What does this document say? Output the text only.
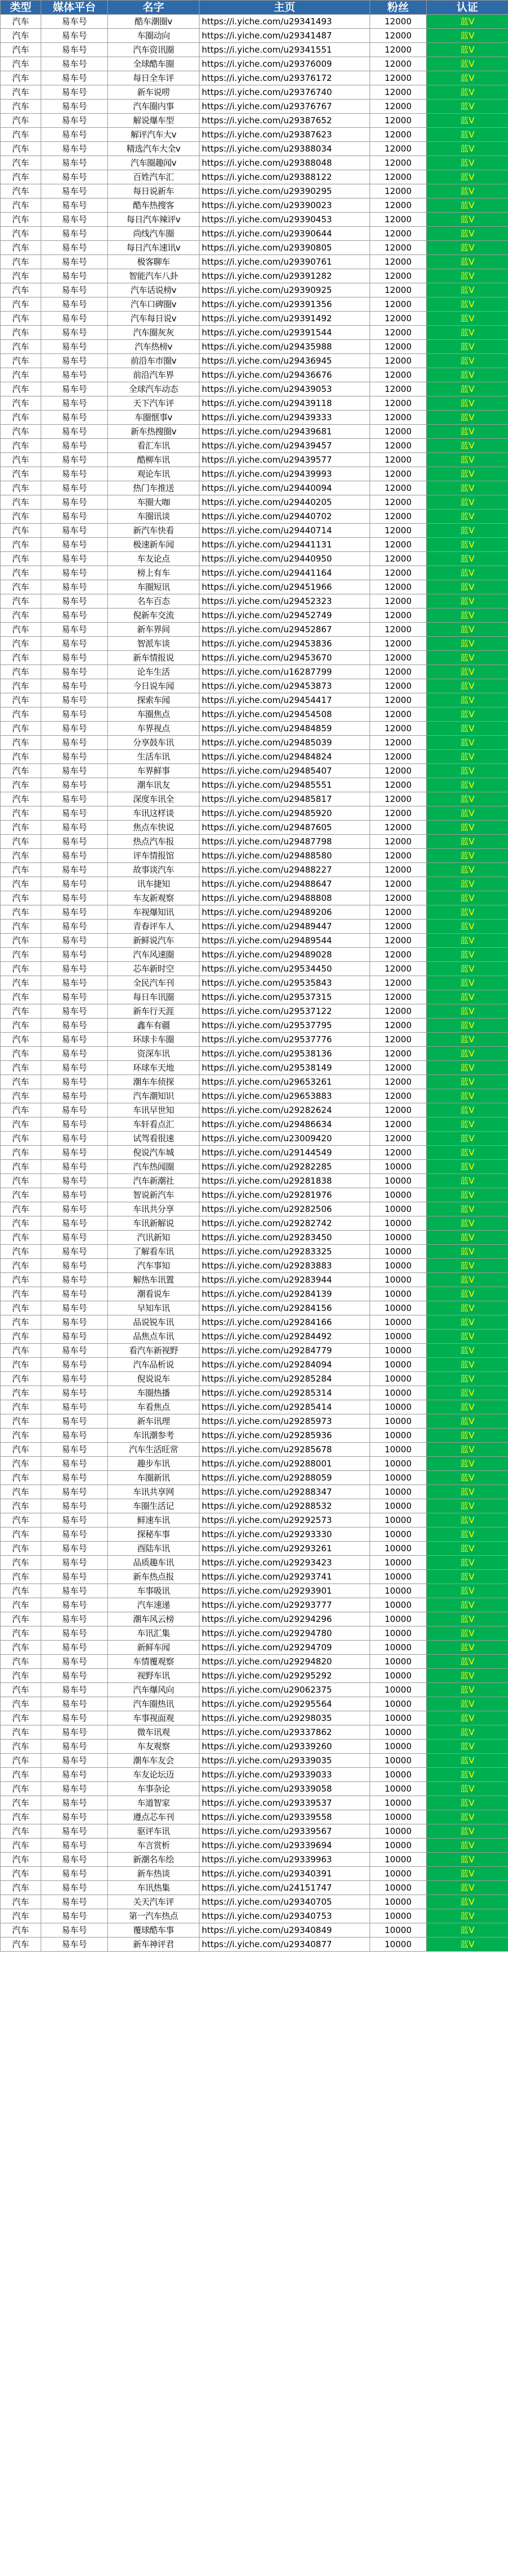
类型	媒体平台	名字	主页	粉丝	认证
汽车	易车号	酷车潮圈v	https://i.yiche.com/u29341493	12000	蓝V
汽车	易车号	车圈动向	https://i.yiche.com/u29341487	12000	蓝V
汽车	易车号	汽车资讯圈	https://i.yiche.com/u29341551	12000	蓝V
汽车	易车号	全球酷车圈	https://i.yiche.com/u29376009	12000	蓝V
汽车	易车号	每日全车评	https://i.yiche.com/u29376172	12000	蓝V
汽车	易车号	新车说唠	https://i.yiche.com/u29376740	12000	蓝V
汽车	易车号	汽车圈内事	https://i.yiche.com/u29376767	12000	蓝V
汽车	易车号	解说爆车型	https://i.yiche.com/u29387652	12000	蓝V
汽车	易车号	解评汽车大v	https://i.yiche.com/u29387623	12000	蓝V
汽车	易车号	精选汽车大全v	https://i.yiche.com/u29388034	12000	蓝V
汽车	易车号	汽车圈趣闻v	https://i.yiche.com/u29388048	12000	蓝V
汽车	易车号	百姓汽车汇	https://i.yiche.com/u29388122	12000	蓝V
汽车	易车号	每日说新车	https://i.yiche.com/u29390295	12000	蓝V
汽车	易车号	酷车热搜客	https://i.yiche.com/u29390023	12000	蓝V
汽车	易车号	每日汽车辣评v	https://i.yiche.com/u29390453	12000	蓝V
汽车	易车号	尚线汽车圈	https://i.yiche.com/u29390644	12000	蓝V
汽车	易车号	每日汽车速讯v	https://i.yiche.com/u29390805	12000	蓝V
汽车	易车号	极客聊车	https://i.yiche.com/u29390761	12000	蓝V
汽车	易车号	智能汽车八卦	https://i.yiche.com/u29391282	12000	蓝V
汽车	易车号	汽车话说榜v	https://i.yiche.com/u29390925	12000	蓝V
汽车	易车号	汽车口碑圈v	https://i.yiche.com/u29391356	12000	蓝V
汽车	易车号	汽车每日说v	https://i.yiche.com/u29391492	12000	蓝V
汽车	易车号	汽车圈灰灰	https://i.yiche.com/u29391544	12000	蓝V
汽车	易车号	汽车热榜v	https://i.yiche.com/u29435988	12000	蓝V
汽车	易车号	前沿车市圈v	https://i.yiche.com/u29436945	12000	蓝V
汽车	易车号	前沿汽车界	https://i.yiche.com/u29436676	12000	蓝V
汽车	易车号	全球汽车动态	https://i.yiche.com/u29439053	12000	蓝V
汽车	易车号	天下汽车评	https://i.yiche.com/u29439118	12000	蓝V
汽车	易车号	车圈惬事v	https://i.yiche.com/u29439333	12000	蓝V
汽车	易车号	新车热搜圈v	https://i.yiche.com/u29439681	12000	蓝V
汽车	易车号	看汇车讯	https://i.yiche.com/u29439457	12000	蓝V
汽车	易车号	酷柳车讯	https://i.yiche.com/u29439577	12000	蓝V
汽车	易车号	观论车讯	https://i.yiche.com/u29439993	12000	蓝V
汽车	易车号	热门车推送	https://i.yiche.com/u29440094	12000	蓝V
汽车	易车号	车圈大咖	https://i.yiche.com/u29440205	12000	蓝V
汽车	易车号	车圈讯谈	https://i.yiche.com/u29440702	12000	蓝V
汽车	易车号	新汽车快看	https://i.yiche.com/u29440714	12000	蓝V
汽车	易车号	极速新车闻	https://i.yiche.com/u29441131	12000	蓝V
汽车	易车号	车友论点	https://i.yiche.com/u29440950	12000	蓝V
汽车	易车号	榜上有车	https://i.yiche.com/u29441164	12000	蓝V
汽车	易车号	车圈短讯	https://i.yiche.com/u29451966	12000	蓝V
汽车	易车号	名车百态	https://i.yiche.com/u29452323	12000	蓝V
汽车	易车号	倪新车交流	https://i.yiche.com/u29452749	12000	蓝V
汽车	易车号	新车界间	https://i.yiche.com/u29452867	12000	蓝V
汽车	易车号	智派车谈	https://i.yiche.com/u29453836	12000	蓝V
汽车	易车号	新车情报说	https://i.yiche.com/u29453670	12000	蓝V
汽车	易车号	论车生活	https://i.yiche.com/u16287799	12000	蓝V
汽车	易车号	今日说车闻	https://i.yiche.com/u29453873	12000	蓝V
汽车	易车号	探索车闻	https://i.yiche.com/u29454417	12000	蓝V
汽车	易车号	车圈焦点	https://i.yiche.com/u29454508	12000	蓝V
汽车	易车号	车界视点	https://i.yiche.com/u29484859	12000	蓝V
汽车	易车号	分享鼓车讯	https://i.yiche.com/u29485039	12000	蓝V
汽车	易车号	生活车讯	https://i.yiche.com/u29484824	12000	蓝V
汽车	易车号	车界鲜事	https://i.yiche.com/u29485407	12000	蓝V
汽车	易车号	潮车讯友	https://i.yiche.com/u29485551	12000	蓝V
汽车	易车号	深度车讯全	https://i.yiche.com/u29485817	12000	蓝V
汽车	易车号	车讯这样谈	https://i.yiche.com/u29485920	12000	蓝V
汽车	易车号	焦点车快说	https://i.yiche.com/u29487605	12000	蓝V
汽车	易车号	热点汽车报	https://i.yiche.com/u29487798	12000	蓝V
汽车	易车号	评车情报馆	https://i.yiche.com/u29488580	12000	蓝V
汽车	易车号	故事谈汽车	https://i.yiche.com/u29488227	12000	蓝V
汽车	易车号	讯车捷知	https://i.yiche.com/u29488647	12000	蓝V
汽车	易车号	车友新观察	https://i.yiche.com/u29488808	12000	蓝V
汽车	易车号	车视爆知讯	https://i.yiche.com/u29489206	12000	蓝V
汽车	易车号	青春评车人	https://i.yiche.com/u29489447	12000	蓝V
汽车	易车号	新鲜说汽车	https://i.yiche.com/u29489544	12000	蓝V
汽车	易车号	汽车风速圈	https://i.yiche.com/u29489028	12000	蓝V
汽车	易车号	芯车新时空	https://i.yiche.com/u29534450	12000	蓝V
汽车	易车号	全民汽车刊	https://i.yiche.com/u29535843	12000	蓝V
汽车	易车号	每日车讯圈	https://i.yiche.com/u29537315	12000	蓝V
汽车	易车号	新车行天涯	https://i.yiche.com/u29537122	12000	蓝V
汽车	易车号	鑫车有疆	https://i.yiche.com/u29537795	12000	蓝V
汽车	易车号	环球卡车圈	https://i.yiche.com/u29537776	12000	蓝V
汽车	易车号	资深车讯	https://i.yiche.com/u29538136	12000	蓝V
汽车	易车号	环球车天地	https://i.yiche.com/u29538149	12000	蓝V
汽车	易车号	潮车车侦探	https://i.yiche.com/u29653261	12000	蓝V
汽车	易车号	汽车潮知识	https://i.yiche.com/u29653883	12000	蓝V
汽车	易车号	车讯早世知	https://i.yiche.com/u29282624	12000	蓝V
汽车	易车号	车轩看点汇	https://i.yiche.com/u29486634	12000	蓝V
汽车	易车号	试驾看很速	https://i.yiche.com/u23009420	12000	蓝V
汽车	易车号	倪说汽车城	https://i.yiche.com/u29144549	12000	蓝V
汽车	易车号	汽车热闻圈	https://i.yiche.com/u29282285	10000	蓝V
汽车	易车号	汽车新潮社	https://i.yiche.com/u29281838	10000	蓝V
汽车	易车号	智说新汽车	https://i.yiche.com/u29281976	10000	蓝V
汽车	易车号	车讯共分享	https://i.yiche.com/u29282506	10000	蓝V
汽车	易车号	车讯新解说	https://i.yiche.com/u29282742	10000	蓝V
汽车	易车号	汽讯新知	https://i.yiche.com/u29283450	10000	蓝V
汽车	易车号	了解看车讯	https://i.yiche.com/u29283325	10000	蓝V
汽车	易车号	汽车事知	https://i.yiche.com/u29283883	10000	蓝V
汽车	易车号	解热车讯置	https://i.yiche.com/u29283944	10000	蓝V
汽车	易车号	潮看说车	https://i.yiche.com/u29284139	10000	蓝V
汽车	易车号	早知车讯	https://i.yiche.com/u29284156	10000	蓝V
汽车	易车号	品说锐车讯	https://i.yiche.com/u29284166	10000	蓝V
汽车	易车号	品焦点车讯	https://i.yiche.com/u29284492	10000	蓝V
汽车	易车号	看汽车新视野	https://i.yiche.com/u29284779	10000	蓝V
汽车	易车号	汽车品析说	https://i.yiche.com/u29284094	10000	蓝V
汽车	易车号	倪说说车	https://i.yiche.com/u29285284	10000	蓝V
汽车	易车号	车圈热播	https://i.yiche.com/u29285314	10000	蓝V
汽车	易车号	车看焦点	https://i.yiche.com/u29285414	10000	蓝V
汽车	易车号	新车讯理	https://i.yiche.com/u29285973	10000	蓝V
汽车	易车号	车讯潮参考	https://i.yiche.com/u29285936	10000	蓝V
汽车	易车号	汽车生活旺常	https://i.yiche.com/u29285678	10000	蓝V
汽车	易车号	趣步车讯	https://i.yiche.com/u29288001	10000	蓝V
汽车	易车号	车圈新讯	https://i.yiche.com/u29288059	10000	蓝V
汽车	易车号	车讯共享网	https://i.yiche.com/u29288347	10000	蓝V
汽车	易车号	车圈生活记	https://i.yiche.com/u29288532	10000	蓝V
汽车	易车号	鲜速车讯	https://i.yiche.com/u29292573	10000	蓝V
汽车	易车号	探秘车事	https://i.yiche.com/u29293330	10000	蓝V
汽车	易车号	酉陆车讯	https://i.yiche.com/u29293261	10000	蓝V
汽车	易车号	品质趣车讯	https://i.yiche.com/u29293423	10000	蓝V
汽车	易车号	新车热点报	https://i.yiche.com/u29293741	10000	蓝V
汽车	易车号	车事吸讯	https://i.yiche.com/u29293901	10000	蓝V
汽车	易车号	汽车速递	https://i.yiche.com/u29293777	10000	蓝V
汽车	易车号	潮车风云榜	https://i.yiche.com/u29294296	10000	蓝V
汽车	易车号	车讯汇集	https://i.yiche.com/u29294780	10000	蓝V
汽车	易车号	新鲜车闻	https://i.yiche.com/u29294709	10000	蓝V
汽车	易车号	车情覆观察	https://i.yiche.com/u29294820	10000	蓝V
汽车	易车号	视野车讯	https://i.yiche.com/u29295292	10000	蓝V
汽车	易车号	汽车爆风向	https://i.yiche.com/u29062375	10000	蓝V
汽车	易车号	汽车圈热讯	https://i.yiche.com/u29295564	10000	蓝V
汽车	易车号	车事视面观	https://i.yiche.com/u29298035	10000	蓝V
汽车	易车号	微车讯观	https://i.yiche.com/u29337862	10000	蓝V
汽车	易车号	车友观察	https://i.yiche.com/u29339260	10000	蓝V
汽车	易车号	潮车车友会	https://i.yiche.com/u29339035	10000	蓝V
汽车	易车号	车友论坛迈	https://i.yiche.com/u29339033	10000	蓝V
汽车	易车号	车事杂论	https://i.yiche.com/u29339058	10000	蓝V
汽车	易车号	车道智家	https://i.yiche.com/u29339537	10000	蓝V
汽车	易车号	遵点芯车刊	https://i.yiche.com/u29339558	10000	蓝V
汽车	易车号	驱评车讯	https://i.yiche.com/u29339567	10000	蓝V
汽车	易车号	车言赏析	https://i.yiche.com/u29339694	10000	蓝V
汽车	易车号	新潮名车绘	https://i.yiche.com/u29339963	10000	蓝V
汽车	易车号	新车热谈	https://i.yiche.com/u29340391	10000	蓝V
汽车	易车号	车讯热集	https://i.yiche.com/u24151747	10000	蓝V
汽车	易车号	关天汽车评	https://i.yiche.com/u29340705	10000	蓝V
汽车	易车号	第一汽车热点	https://i.yiche.com/u29340753	10000	蓝V
汽车	易车号	覆球酷车事	https://i.yiche.com/u29340849	10000	蓝V
汽车	易车号	新车神评君	https://i.yiche.com/u29340877	10000	蓝V
